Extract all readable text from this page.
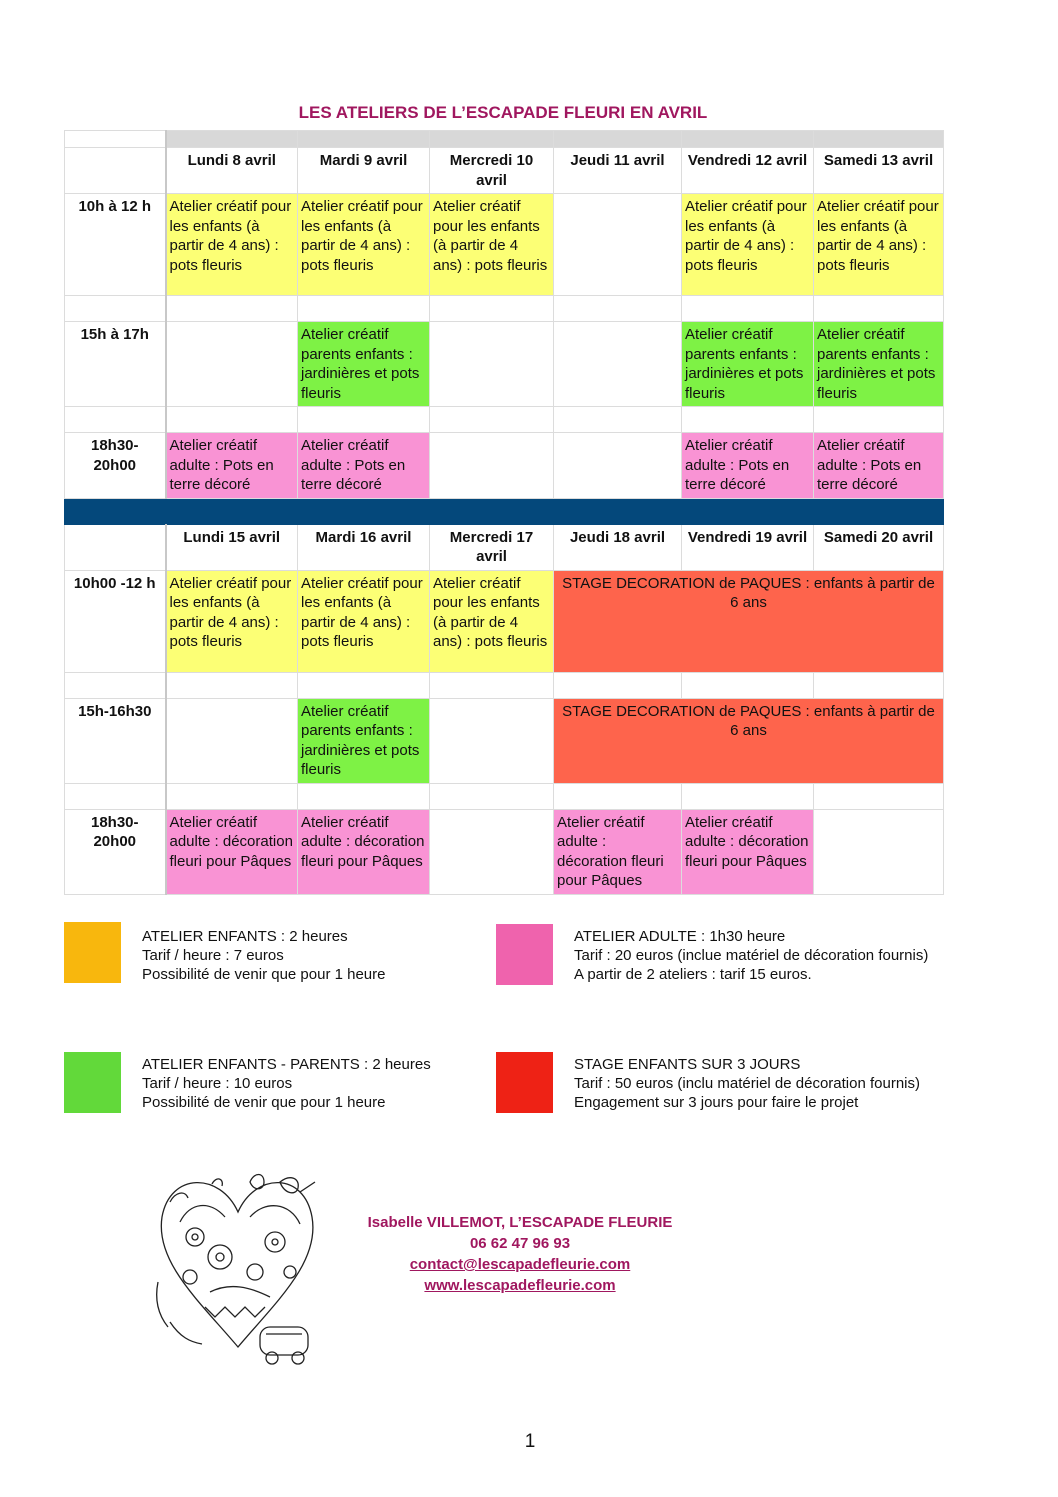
LES ATELIERS DE L’ESCAPADE FLEURI EN AVRIL

	Lundi 8 avril	Mardi 9 avril	Mercredi 10 avril	Jeudi 11 avril	Vendredi 12 avril	Samedi 13 avril
10h à 12 h	Atelier créatif pour les enfants (à partir de 4 ans) : pots fleuris	Atelier créatif pour les enfants (à partir de 4 ans) : pots fleuris	Atelier créatif pour les enfants (à partir de 4 ans) : pots fleuris		Atelier créatif pour les enfants (à partir de 4 ans) : pots fleuris	Atelier créatif pour les enfants (à partir de 4 ans) : pots fleuris

15h à 17h		Atelier créatif parents enfants : jardinières et pots fleuris			Atelier créatif parents enfants : jardinières et pots fleuris	Atelier créatif parents enfants : jardinières et pots fleuris

18h30- 20h00	Atelier créatif adulte : Pots en terre décoré	Atelier créatif adulte : Pots en terre décoré			Atelier créatif adulte : Pots en terre décoré	Atelier créatif adulte : Pots en terre décoré

	Lundi 15 avril	Mardi 16 avril	Mercredi 17 avril	Jeudi 18 avril	Vendredi 19 avril	Samedi 20 avril
10h00 -12 h	Atelier créatif pour les enfants (à partir de 4 ans) : pots fleuris	Atelier créatif pour les enfants (à partir de 4 ans) : pots fleuris	Atelier créatif pour les enfants (à partir de 4 ans) : pots fleuris	STAGE DECORATION de PAQUES : enfants à partir de 6 ans		

15h-16h30		Atelier créatif parents enfants : jardinières et pots fleuris		STAGE DECORATION de PAQUES : enfants à partir de 6 ans		

18h30- 20h00	Atelier créatif adulte : décoration fleuri pour Pâques	Atelier créatif adulte : décoration fleuri pour Pâques		Atelier créatif adulte : décoration fleuri pour Pâques	Atelier créatif adulte : décoration fleuri pour Pâques	
ATELIER ENFANTS : 2 heures
Tarif / heure : 7 euros
Possibilité de venir que pour 1 heure
ATELIER ADULTE : 1h30 heure
Tarif : 20 euros (inclue matériel de décoration fournis)
A partir de 2 ateliers : tarif 15 euros.
ATELIER ENFANTS - PARENTS : 2 heures
Tarif / heure : 10 euros
Possibilité de venir que pour 1 heure
STAGE ENFANTS SUR 3 JOURS
Tarif : 50 euros (inclu matériel de décoration fournis)
Engagement sur 3 jours pour faire le projet
Isabelle VILLEMOT, L’ESCAPADE FLEURIE
06 62 47 96 93
contact@lescapadefleurie.com
www.lescapadefleurie.com
1
